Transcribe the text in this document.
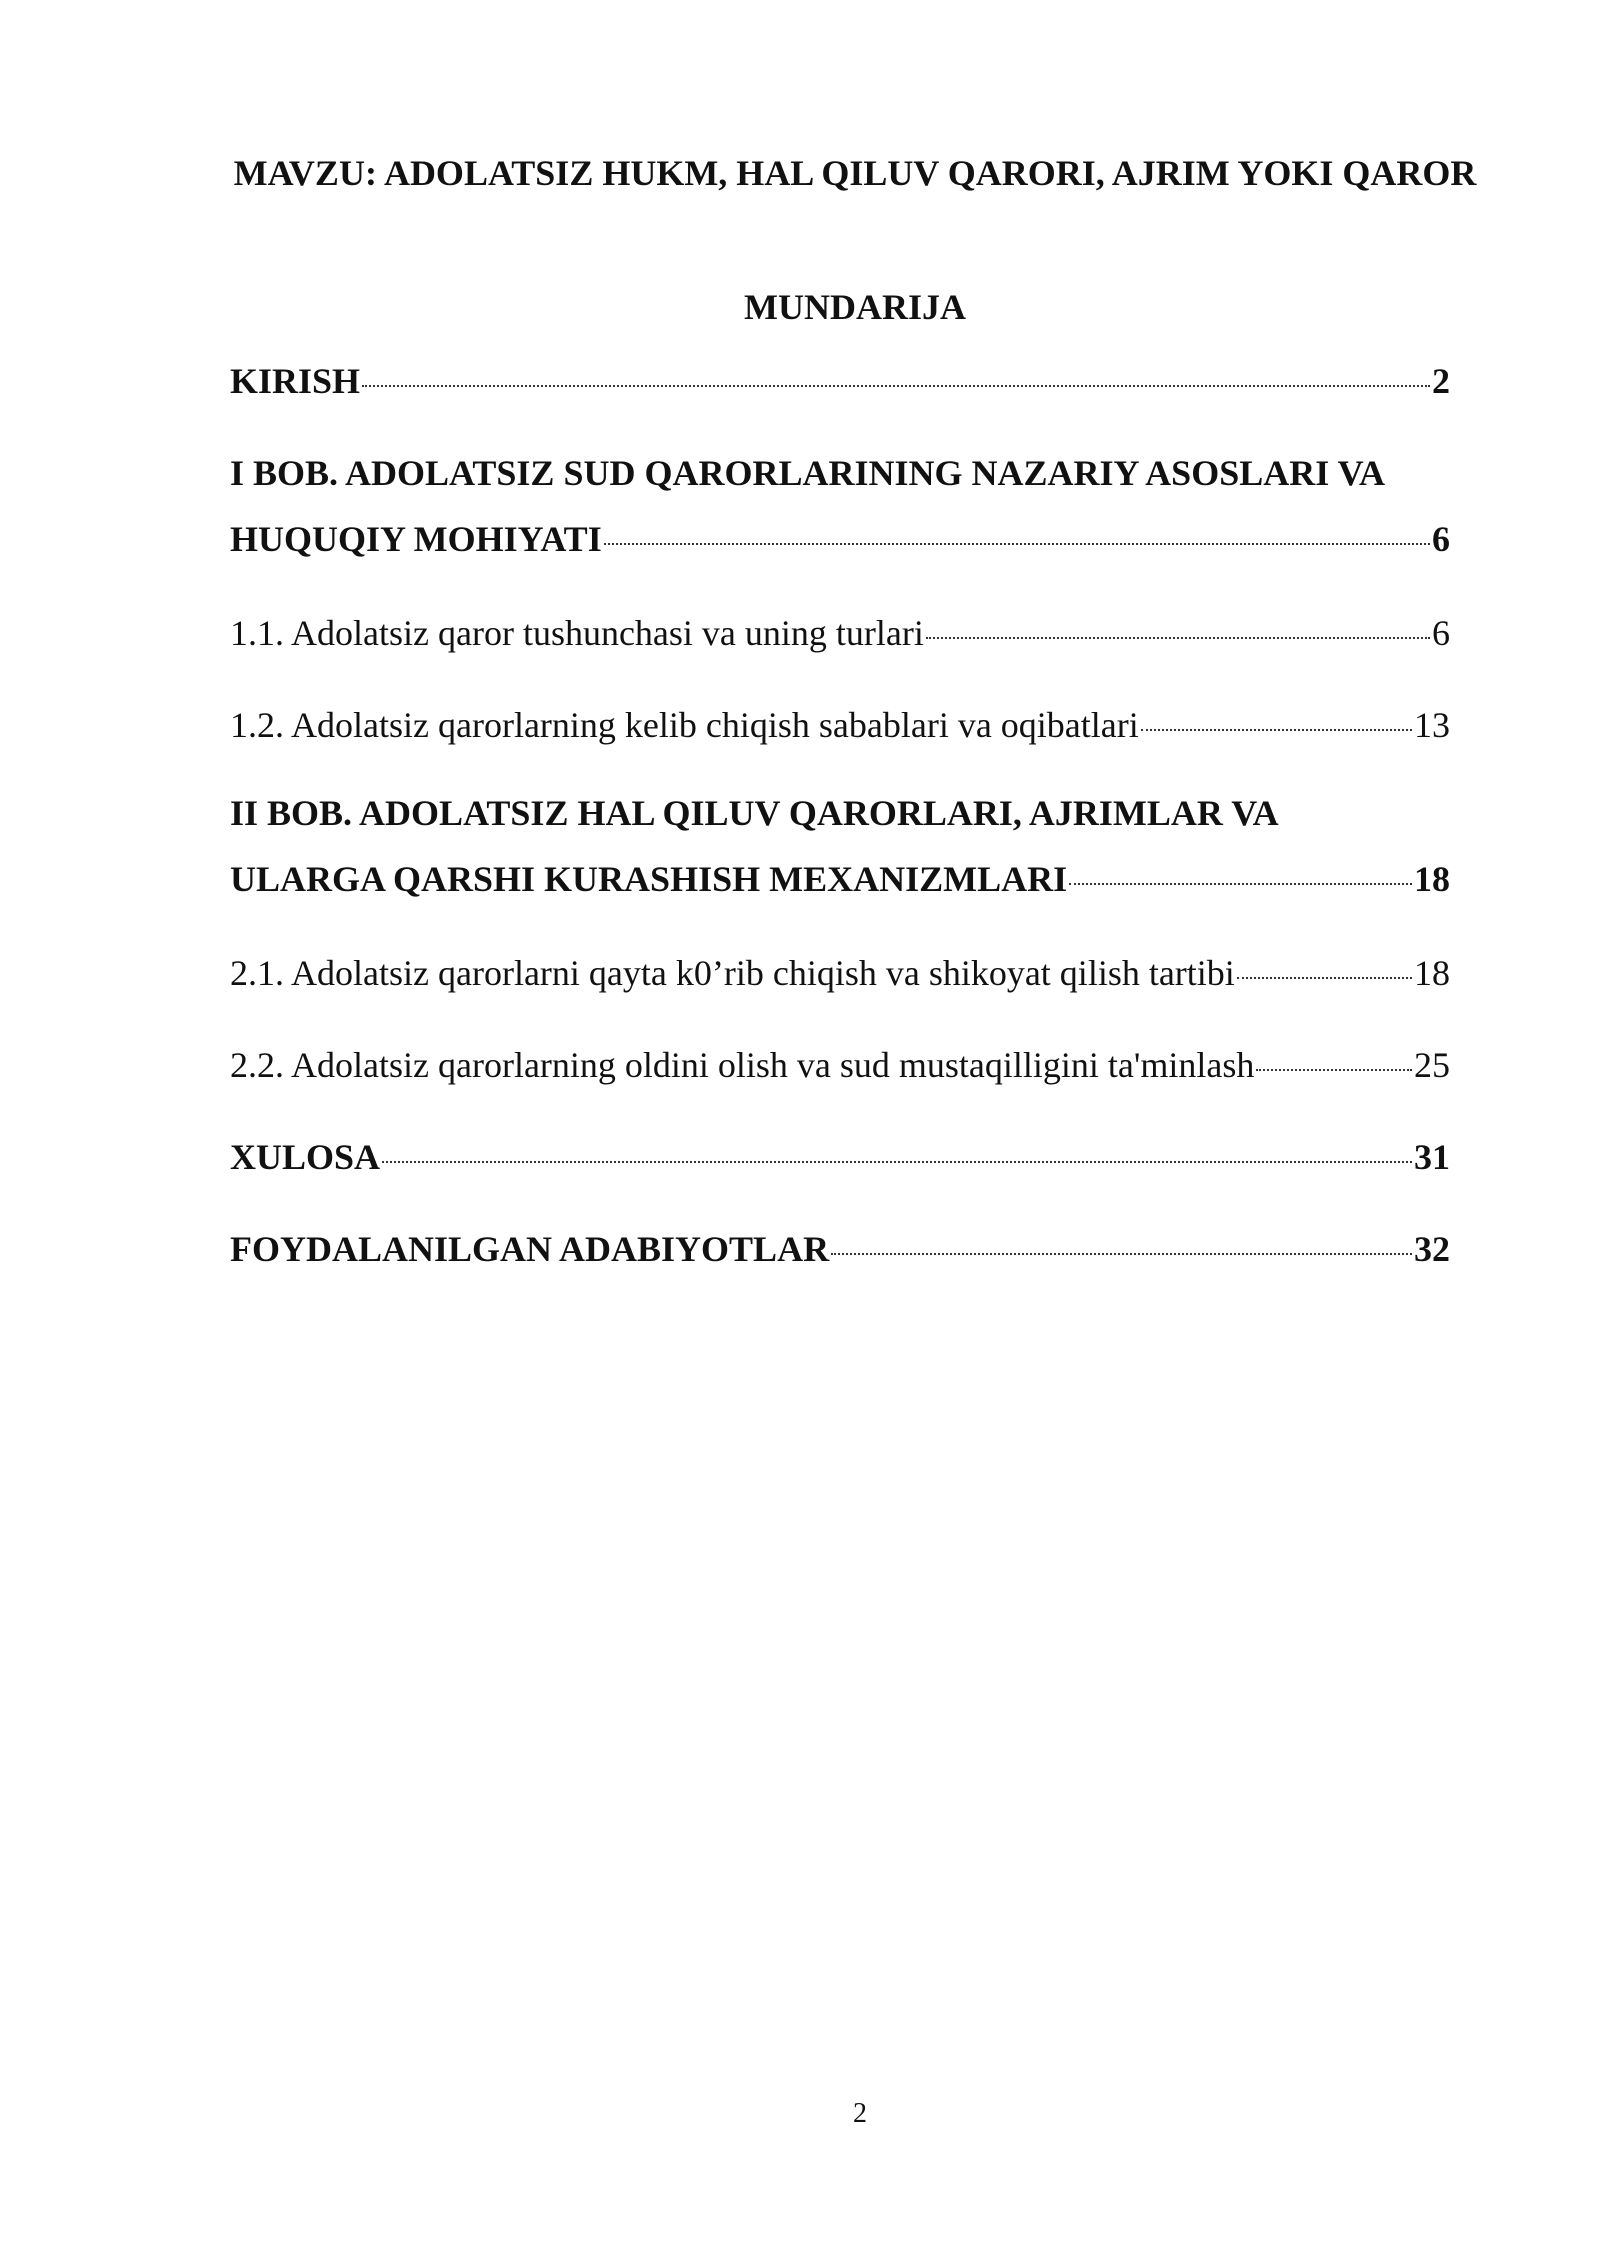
MAVZU: ADOLATSIZ HUKM, HAL QILUV QARORI, AJRIM YOKI QAROR
MUNDARIJA
KIRISH	2
I BOB. ADOLATSIZ SUD QARORLARINING NAZARIY ASOSLARI VA
HUQUQIY MOHIYATI	6
1.1. Adolatsiz qaror tushunchasi va uning turlari	6
1.2. Adolatsiz qarorlarning kelib chiqish sabablari va oqibatlari	13
II BOB. ADOLATSIZ HAL QILUV QARORLARI, AJRIMLAR VA
ULARGA QARSHI KURASHISH MEXANIZMLARI	18
2.1. Adolatsiz qarorlarni qayta k0’rib chiqish va shikoyat qilish tartibi	18
2.2. Adolatsiz qarorlarning oldini olish va sud mustaqilligini ta'minlash	25
XULOSA	31
FOYDALANILGAN ADABIYOTLAR	32
2
